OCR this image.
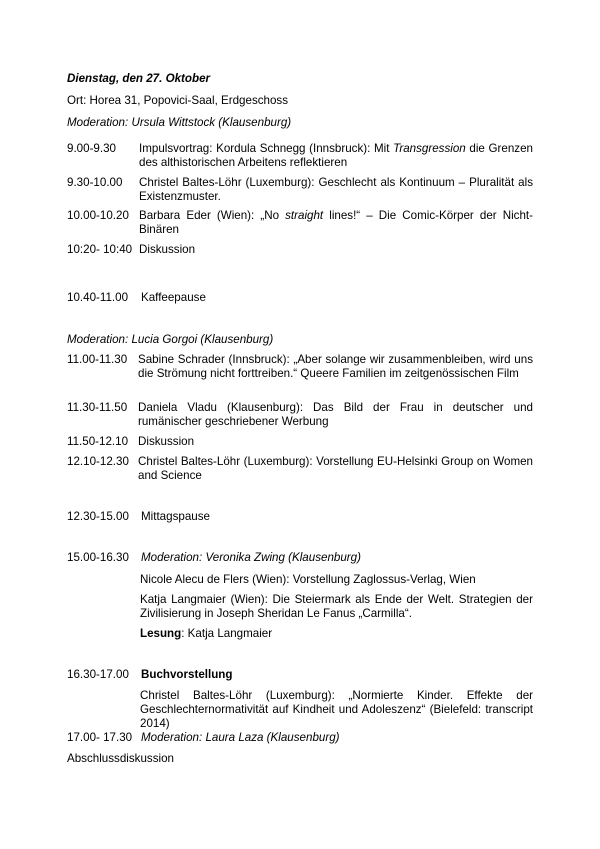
Dienstag, den 27. Oktober
Ort: Horea 31, Popovici-Saal, Erdgeschoss
Moderation: Ursula Wittstock (Klausenburg)
9.00-9.30	Impulsvortrag: Kordula Schnegg (Innsbruck): Mit Transgression die Grenzen des althistorischen Arbeitens reflektieren
9.30-10.00	Christel Baltes-Löhr (Luxemburg): Geschlecht als Kontinuum – Pluralität als Existenzmuster.
10.00-10.20 Barbara Eder (Wien): „No straight lines!“ – Die Comic-Körper der Nicht-Binären
10:20- 10:40 Diskussion
10.40-11.00	Kaffeepause
Moderation: Lucia Gorgoi (Klausenburg)
11.00-11.30 Sabine Schrader (Innsbruck): „Aber solange wir zusammenbleiben, wird uns die Strömung nicht forttreiben.“ Queere Familien im zeitgenössischen Film
11.30-11.50 Daniela Vladu (Klausenburg): Das Bild der Frau in deutscher und rumänischer geschriebener Werbung
11.50-12.10 Diskussion
12.10-12.30 Christel Baltes-Löhr (Luxemburg): Vorstellung EU-Helsinki Group on Women and Science
12.30-15.00	Mittagspause
15.00-16.30	Moderation: Veronika Zwing (Klausenburg)
Nicole Alecu de Flers (Wien): Vorstellung Zaglossus-Verlag, Wien
Katja Langmaier (Wien): Die Steiermark als Ende der Welt. Strategien der Zivilisierung in Joseph Sheridan Le Fanus „Carmilla“.
Lesung: Katja Langmaier
16.30-17.00	Buchvorstellung
Christel Baltes-Löhr (Luxemburg): „Normierte Kinder. Effekte der Geschlechternormativität auf Kindheit und Adoleszenz“ (Bielefeld: transcript 2014)
17.00- 17.30 Moderation: Laura Laza (Klausenburg)
Abschlussdiskussion
